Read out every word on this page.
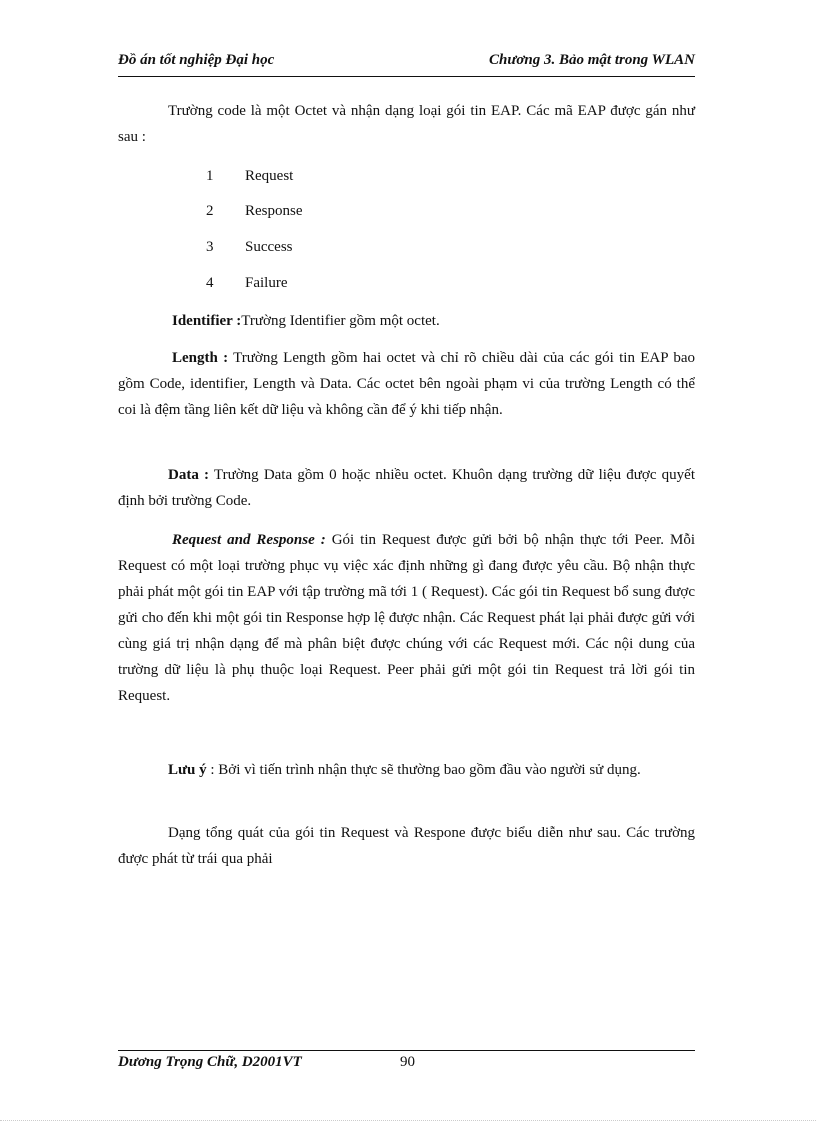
Đồ án tốt nghiệp Đại học	Chương 3. Bảo mật trong WLAN

Trường code là một Octet và nhận dạng loại gói tin EAP. Các mã EAP được gán như sau :

1 Request
2 Response
3 Success
4 Failure

Identifier :Trường Identifier gồm một octet.

Length : Trường Length gồm hai octet và chỉ rõ chiều dài của các gói tin EAP bao gồm Code, identifier, Length và Data. Các octet bên ngoài phạm vi của trường Length có thể coi là đệm tầng liên kết dữ liệu và không cần để ý khi tiếp nhận.

Data : Trường Data gồm 0 hoặc nhiều octet. Khuôn dạng trường dữ liệu được quyết định bởi trường Code.

Request and Response : Gói tin Request được gửi bởi bộ nhận thực tới Peer. Mỗi Request có một loại trường phục vụ việc xác định những gì đang được yêu cầu. Bộ nhận thực phải phát một gói tin EAP với tập trường mã tới 1 ( Request). Các gói tin Request bổ sung được gửi cho đến khi một gói tin Response hợp lệ được nhận. Các Request phát lại phải được gửi với cùng giá trị nhận dạng để mà phân biệt được chúng với các Request mới. Các nội dung của trường dữ liệu là phụ thuộc loại Request. Peer phải gửi một gói tin Request trả lời gói tin Request.

Lưu ý : Bởi vì tiến trình nhận thực sẽ thường bao gồm đầu vào người sử dụng.

Dạng tổng quát của gói tin Request và Respone được biểu diễn như sau. Các trường được phát từ trái qua phải

Dương Trọng Chữ, D2001VT	90
